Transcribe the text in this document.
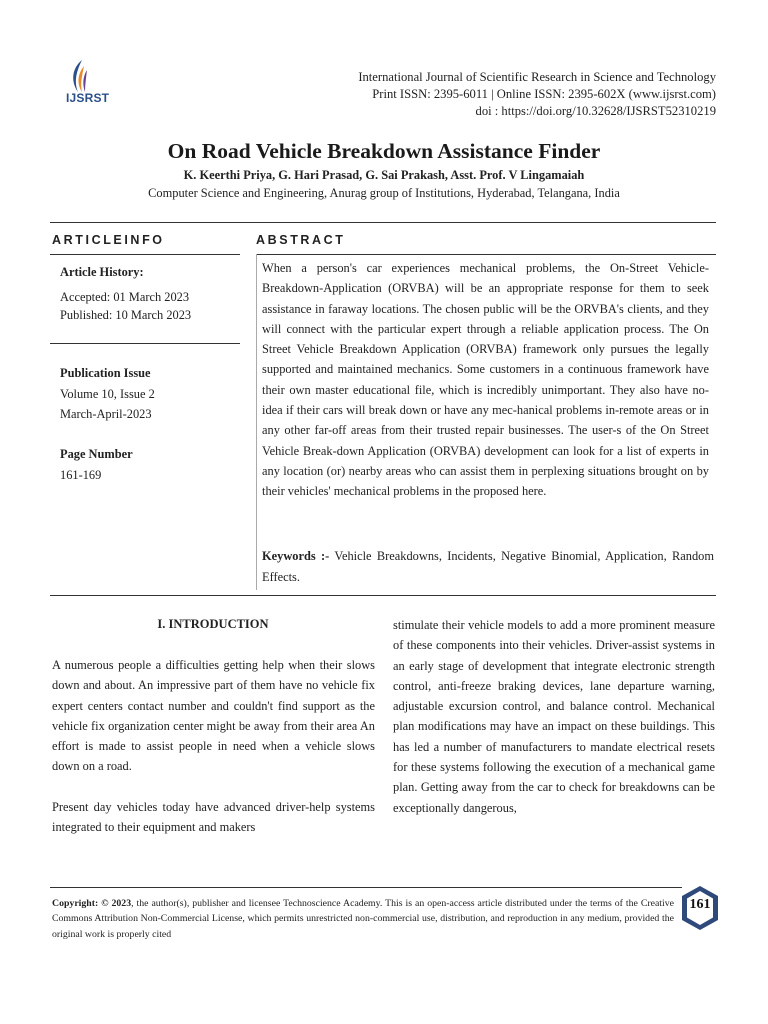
IJSRST
International Journal of Scientific Research in Science and Technology
Print ISSN: 2395-6011 | Online ISSN: 2395-602X (www.ijsrst.com)
doi : https://doi.org/10.32628/IJSRST52310219
On Road Vehicle Breakdown Assistance Finder
K. Keerthi Priya, G. Hari Prasad, G. Sai Prakash, Asst. Prof. V Lingamaiah
Computer Science and Engineering, Anurag group of Institutions, Hyderabad, Telangana, India
ARTICLEINFO
Article History:
Accepted: 01 March 2023
Published: 10 March 2023
Publication Issue
Volume 10, Issue 2
March-April-2023
Page Number
161-169
ABSTRACT
When a person's car experiences mechanical problems, the On-Street Vehicle-Breakdown-Application (ORVBA) will be an appropriate response for them to seek assistance in faraway locations. The chosen public will be the ORVBA's clients, and they will connect with the particular expert through a reliable application process. The On Street Vehicle Breakdown Application (ORVBA) framework only pursues the legally supported and maintained mechanics. Some customers in a continuous framework have their own master educational file, which is incredibly unimportant. They also have no-idea if their cars will break down or have any mec-hanical problems in-remote areas or in any other far-off areas from their trusted repair businesses. The user-s of the On Street Vehicle Break-down Application (ORVBA) development can look for a list of experts in any location (or) nearby areas who can assist them in perplexing situations brought on by their vehicles' mechanical problems in the proposed here.
Keywords :- Vehicle Breakdowns, Incidents, Negative Binomial, Application, Random Effects.
I. INTRODUCTION

A numerous people a difficulties getting help when their slows down and about. An impressive part of them have no vehicle fix expert centers contact number and couldn't find support as the vehicle fix organization center might be away from their area An effort is made to assist people in need when a vehicle slows down on a road.

Present day vehicles today have advanced driver-help systems integrated to their equipment and makers

stimulate their vehicle models to add a more prominent measure of these components into their vehicles. Driver-assist systems in an early stage of development that integrate electronic strength control, anti-freeze braking devices, lane departure warning, adjustable excursion control, and balance control. Mechanical plan modifications may have an impact on these buildings. This has led a number of manufacturers to mandate electrical resets for these systems following the execution of a mechanical game plan. Getting away from the car to check for breakdowns can be exceptionally dangerous,

Copyright: © 2023, the author(s), publisher and licensee Technoscience Academy. This is an open-access article distributed under the terms of the Creative Commons Attribution Non-Commercial License, which permits unrestricted non-commercial use, distribution, and reproduction in any medium, provided the original work is properly cited
161
